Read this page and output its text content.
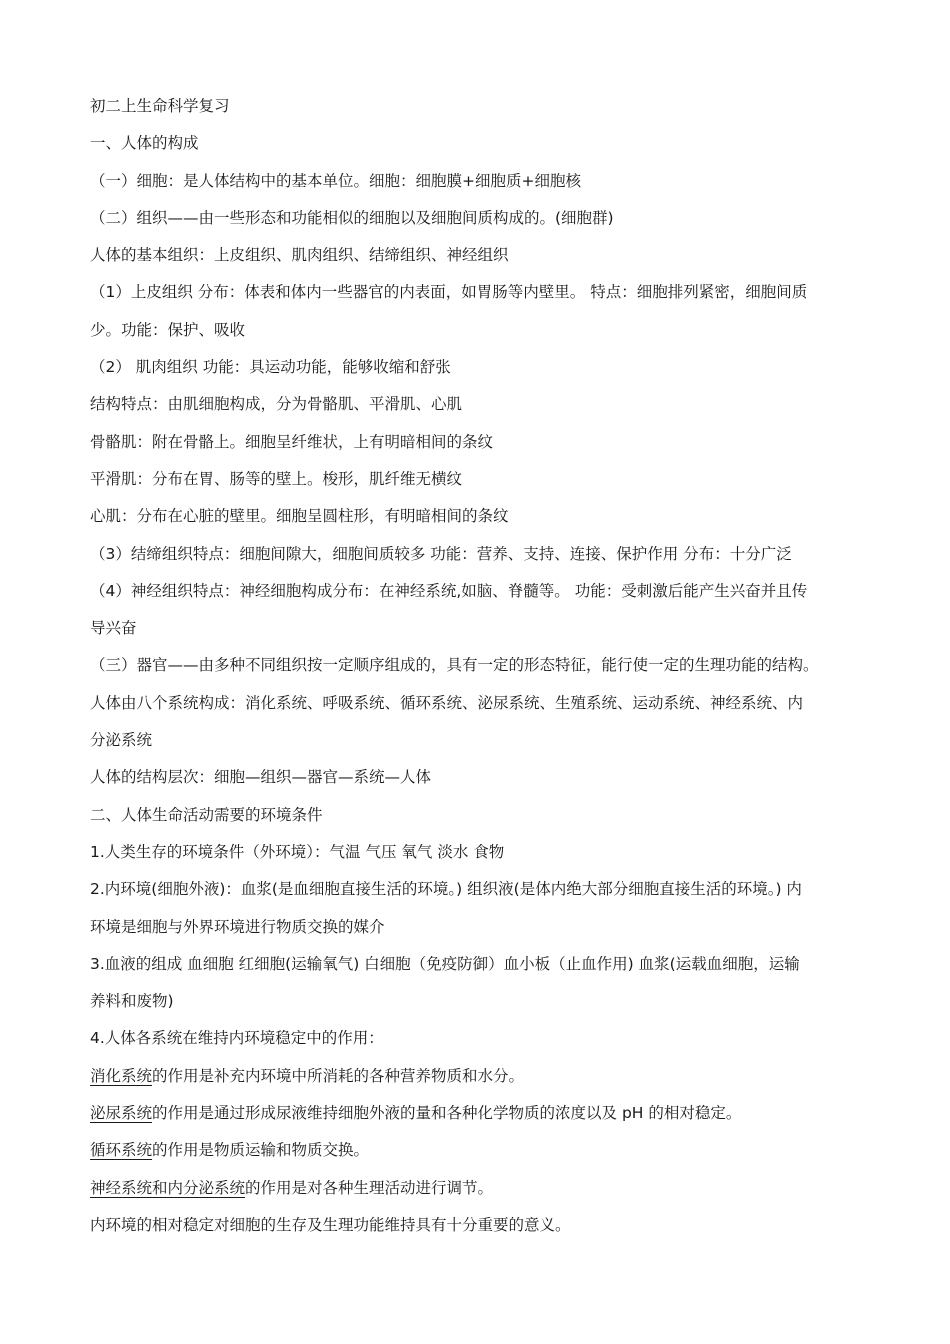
初二上生命科学复习
一、人体的构成
（一）细胞：是人体结构中的基本单位。细胞：细胞膜+细胞质+细胞核
（二）组织——由一些形态和功能相似的细胞以及细胞间质构成的。(细胞群)
人体的基本组织：上皮组织、肌肉组织、结缔组织、神经组织
（1）上皮组织 分布：体表和体内一些器官的内表面，如胃肠等内壁里。 特点：细胞排列紧密，细胞间质
少。功能：保护、吸收
（2） 肌肉组织 功能：具运动功能，能够收缩和舒张
结构特点：由肌细胞构成，分为骨骼肌、平滑肌、心肌
骨骼肌：附在骨骼上。细胞呈纤维状，上有明暗相间的条纹
平滑肌：分布在胃、肠等的壁上。梭形，肌纤维无横纹
心肌：分布在心脏的壁里。细胞呈圆柱形，有明暗相间的条纹
（3）结缔组织特点：细胞间隙大，细胞间质较多 功能：营养、支持、连接、保护作用 分布：十分广泛
（4）神经组织特点：神经细胞构成分布：在神经系统,如脑、脊髓等。 功能：受刺激后能产生兴奋并且传
导兴奋
（三）器官——由多种不同组织按一定顺序组成的，具有一定的形态特征，能行使一定的生理功能的结构。
人体由八个系统构成：消化系统、呼吸系统、循环系统、泌尿系统、生殖系统、运动系统、神经系统、内
分泌系统
人体的结构层次：细胞—组织—器官—系统—人体
二、人体生命活动需要的环境条件
1.人类生存的环境条件（外环境）：气温 气压 氧气 淡水 食物
2.内环境(细胞外液)：血浆(是血细胞直接生活的环境。) 组织液(是体内绝大部分细胞直接生活的环境。) 内
环境是细胞与外界环境进行物质交换的媒介
3.血液的组成 血细胞 红细胞(运输氧气) 白细胞（免疫防御）血小板（止血作用) 血浆(运载血细胞，运输
养料和废物)
4.人体各系统在维持内环境稳定中的作用：
消化系统的作用是补充内环境中所消耗的各种营养物质和水分。
泌尿系统的作用是通过形成尿液维持细胞外液的量和各种化学物质的浓度以及 pH 的相对稳定。
循环系统的作用是物质运输和物质交换。
神经系统和内分泌系统的作用是对各种生理活动进行调节。
内环境的相对稳定对细胞的生存及生理功能维持具有十分重要的意义。
